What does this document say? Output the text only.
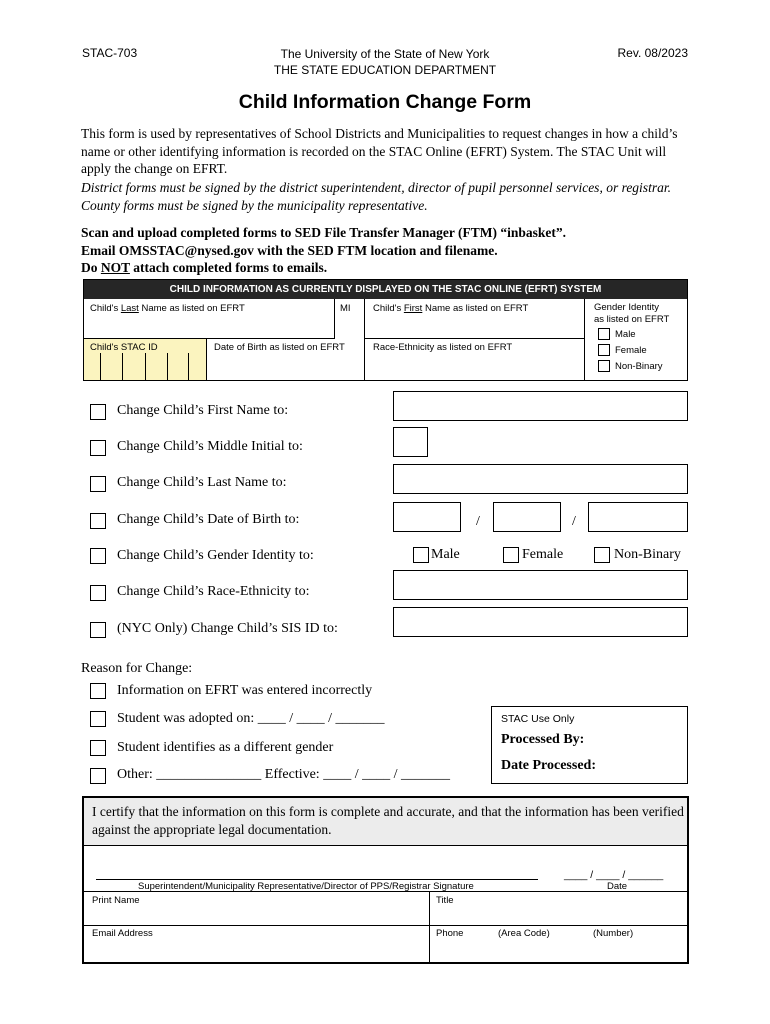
STAC-703	The University of the State of New York
THE STATE EDUCATION DEPARTMENT
Rev. 08/2023
Child Information Change Form
This form is used by representatives of School Districts and Municipalities to request changes in how a child’s name or other identifying information is recorded on the STAC Online (EFRT) System. The STAC Unit will apply the change on EFRT.
District forms must be signed by the district superintendent, director of pupil personnel services, or registrar. County forms must be signed by the municipality representative.
Scan and upload completed forms to SED File Transfer Manager (FTM) “inbasket”.
Email OMSSTAC@nysed.gov with the SED FTM location and filename.
Do NOT attach completed forms to emails.
CHILD INFORMATION AS CURRENTLY DISPLAYED ON THE STAC ONLINE (EFRT) SYSTEM
Child's Last Name as listed on EFRT	MI Child's First Name as listed on EFRT	Gender Identity
as listed on EFRT
Male
Female
Non-Binary
Child's STAC ID	Date of Birth as listed on EFRT	Race-Ethnicity as listed on EFRT
Change Child’s First Name to:
Change Child’s Middle Initial to:
Change Child’s Last Name to:
Change Child’s Date of Birth to:	/	/
Change Child’s Gender Identity to:	Male	Female	Non-Binary
Change Child’s Race-Ethnicity to:
(NYC Only) Change Child’s SIS ID to:
Reason for Change:
Information on EFRT was entered incorrectly
Student was adopted on: ____ / ____ / _______
Student identifies as a different gender
Other: _______________ Effective: ____ / ____ / _______
STAC Use Only
Processed By:
Date Processed:
I certify that the information on this form is complete and accurate, and that the information has been verified against the appropriate legal documentation.
____ / ____ / ______
Superintendent/Municipality Representative/Director of PPS/Registrar Signature	Date
Print Name	Title
Email Address	Phone	(Area Code)	(Number)
